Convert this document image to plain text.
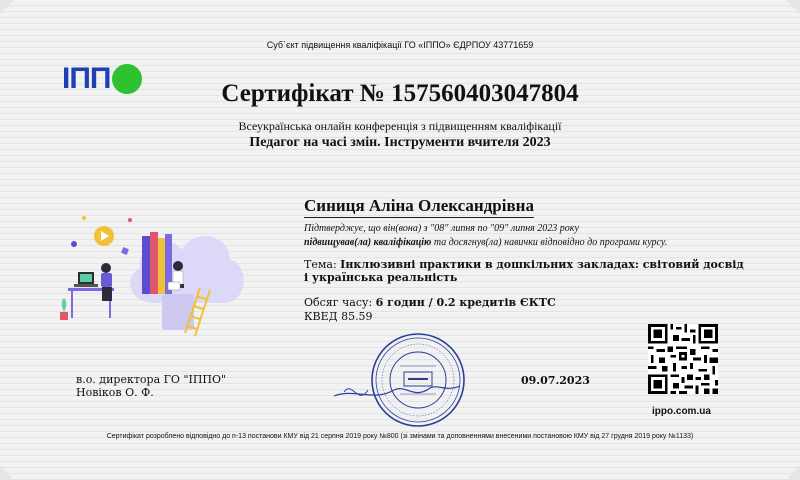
Суб`єкт підвищення кваліфікації ГО «ІППО» ЄДРПОУ 43771659
ІПП	Сертифікат № 157560403047804
Всеукраїнська онлайн конференція з підвищенням кваліфікації
Педагог на часі змін. Інструменти вчителя 2023
Синиця Аліна Олександрівна
Підтверджує, що він(вона) з "08" липня по "09" липня 2023 року
підвищував(ла) кваліфікацію та досягнув(ла) навички відповідно до програми курсу.
Тема: Інклюзивні практики в дошкільних закладах: світовий досвід і українська реальність
Обсяг часу: 6 годин / 0.2 кредитів ЄКТС
КВЕД 85.59
в.о. директора ГО "ІППО"
Новіков О. Ф.
09.07.2023
ippo.com.ua
Сертифікат розроблено відповідно до п-13 постанови КМУ від 21 серпня 2019 року №800 (зі змінами та доповненнями внесеними постановою КМУ від 27 грудня 2019 року №1133)
